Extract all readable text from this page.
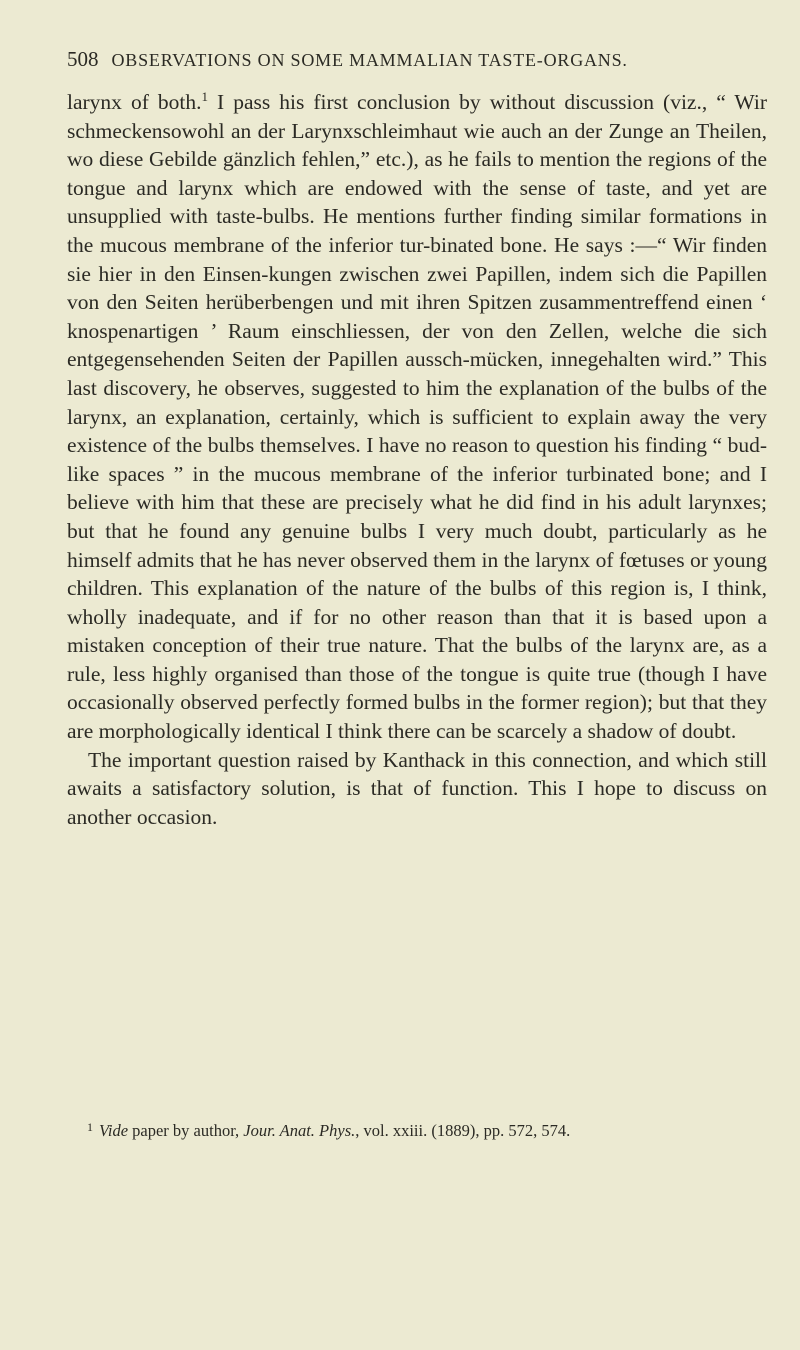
508 OBSERVATIONS ON SOME MAMMALIAN TASTE-ORGANS.

larynx of both.$^1$ I pass his first conclusion by without discussion (viz., “ Wir schmeckensowohl an der Larynxschleimhaut wie auch an der Zunge an Theilen, wo diese Gebilde gänzlich fehlen,” etc.), as he fails to mention the regions of the tongue and larynx which are endowed with the sense of taste, and yet are unsupplied with taste-bulbs. He mentions further finding similar formations in the mucous membrane of the inferior tur-binated bone. He says :—“ Wir finden sie hier in den Einsen-kungen zwischen zwei Papillen, indem sich die Papillen von den Seiten herüberbengen und mit ihren Spitzen zusammentreffend einen ‘ knospenartigen ’ Raum einschliessen, der von den Zellen, welche die sich entgegensehenden Seiten der Papillen aussch-mücken, innegehalten wird.” This last discovery, he observes, suggested to him the explanation of the bulbs of the larynx, an explanation, certainly, which is sufficient to explain away the very existence of the bulbs themselves. I have no reason to question his finding “ bud-like spaces ” in the mucous membrane of the inferior turbinated bone; and I believe with him that these are precisely what he did find in his adult larynxes; but that he found any genuine bulbs I very much doubt, particularly as he himself admits that he has never observed them in the larynx of fœtuses or young children. This explanation of the nature of the bulbs of this region is, I think, wholly inadequate, and if for no other reason than that it is based upon a mistaken conception of their true nature. That the bulbs of the larynx are, as a rule, less highly organised than those of the tongue is quite true (though I have occasionally observed perfectly formed bulbs in the former region); but that they are morphologically identical I think there can be scarcely a shadow of doubt.

The important question raised by Kanthack in this connection, and which still awaits a satisfactory solution, is that of function. This I hope to discuss on another occasion.

$^1$ Vide paper by author, Jour. Anat. Phys., vol. xxiii. (1889), pp. 572, 574.
